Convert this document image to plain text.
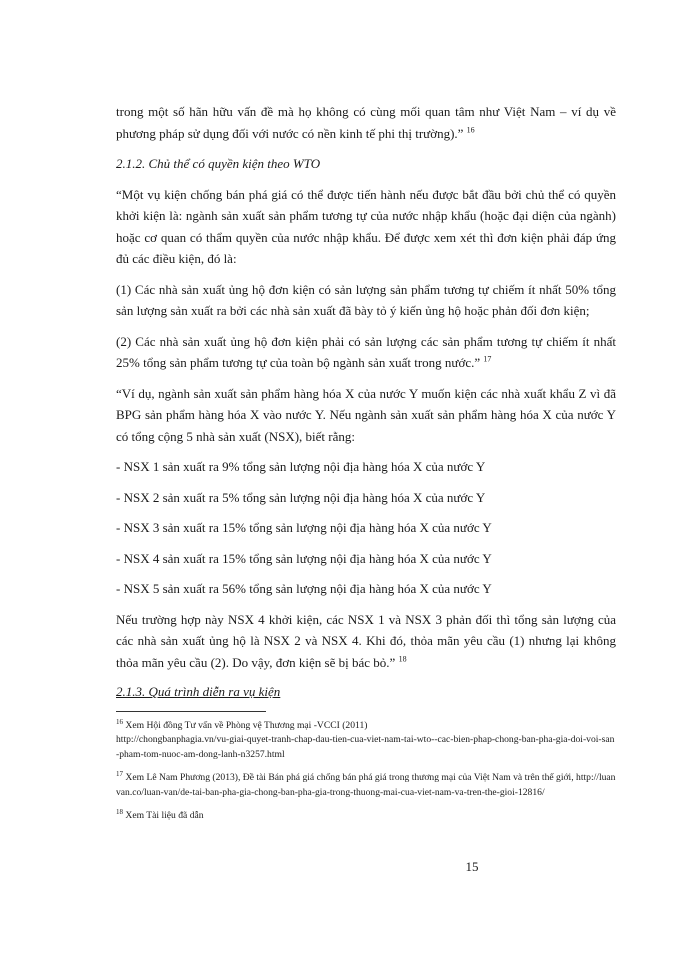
trong một số hãn hữu vấn đề mà họ không có cùng mối quan tâm như Việt Nam – ví dụ về phương pháp sử dụng đối với nước có nền kinh tế phi thị trường).” $^{16}$

2.1.2. Chủ thể có quyền kiện theo WTO

“Một vụ kiện chống bán phá giá có thể được tiến hành nếu được bắt đầu bởi chủ thể có quyền khởi kiện là: ngành sản xuất sản phẩm tương tự của nước nhập khẩu (hoặc đại diện của ngành) hoặc cơ quan có thẩm quyền của nước nhập khẩu. Để được xem xét thì đơn kiện phải đáp ứng đủ các điều kiện, đó là:

(1) Các nhà sản xuất ủng hộ đơn kiện có sản lượng sản phẩm tương tự chiếm ít nhất 50% tổng sản lượng sản xuất ra bởi các nhà sản xuất đã bày tỏ ý kiến ủng hộ hoặc phản đối đơn kiện;

(2) Các nhà sản xuất ủng hộ đơn kiện phải có sản lượng các sản phẩm tương tự chiếm ít nhất 25% tổng sản phẩm tương tự của toàn bộ ngành sản xuất trong nước.” $^{17}$

“Ví dụ, ngành sản xuất sản phẩm hàng hóa X của nước Y muốn kiện các nhà xuất khẩu Z vì đã BPG sản phẩm hàng hóa X vào nước Y. Nếu ngành sản xuất sản phẩm hàng hóa X của nước Y có tổng cộng 5 nhà sản xuất (NSX), biết rằng:

- NSX 1 sản xuất ra 9% tổng sản lượng nội địa hàng hóa X của nước Y

- NSX 2 sản xuất ra 5% tổng sản lượng nội địa hàng hóa X của nước Y

- NSX 3 sản xuất ra 15% tổng sản lượng nội địa hàng hóa X của nước Y

- NSX 4 sản xuất ra 15% tổng sản lượng nội địa hàng hóa X của nước Y

- NSX 5 sản xuất ra 56% tổng sản lượng nội địa hàng hóa X của nước Y

Nếu trường hợp này NSX 4 khởi kiện, các NSX 1 và NSX 3 phản đối thì tổng sản lượng của các nhà sản xuất ủng hộ là NSX 2 và NSX 4. Khi đó, thỏa mãn yêu cầu (1) nhưng lại không thỏa mãn yêu cầu (2). Do vậy, đơn kiện sẽ bị bác bỏ.” $^{18}$

2.1.3. Quá trình diễn ra vụ kiện

$^{16}$ Xem Hội đồng Tư vấn về Phòng vệ Thương mại -VCCI (2011)
http://chongbanphagia.vn/vu-giai-quyet-tranh-chap-dau-tien-cua-viet-nam-tai-wto--cac-bien-phap-chong-ban-pha-gia-doi-voi-san-pham-tom-nuoc-am-dong-lanh-n3257.html

$^{17}$ Xem Lê Nam Phương (2013), Đề tài Bán phá giá chống bán phá giá trong thương mại của Việt Nam và trên thế giới, http://luanvan.co/luan-van/de-tai-ban-pha-gia-chong-ban-pha-gia-trong-thuong-mai-cua-viet-nam-va-tren-the-gioi-12816/

$^{18}$ Xem Tài liệu đã dẫn

15
